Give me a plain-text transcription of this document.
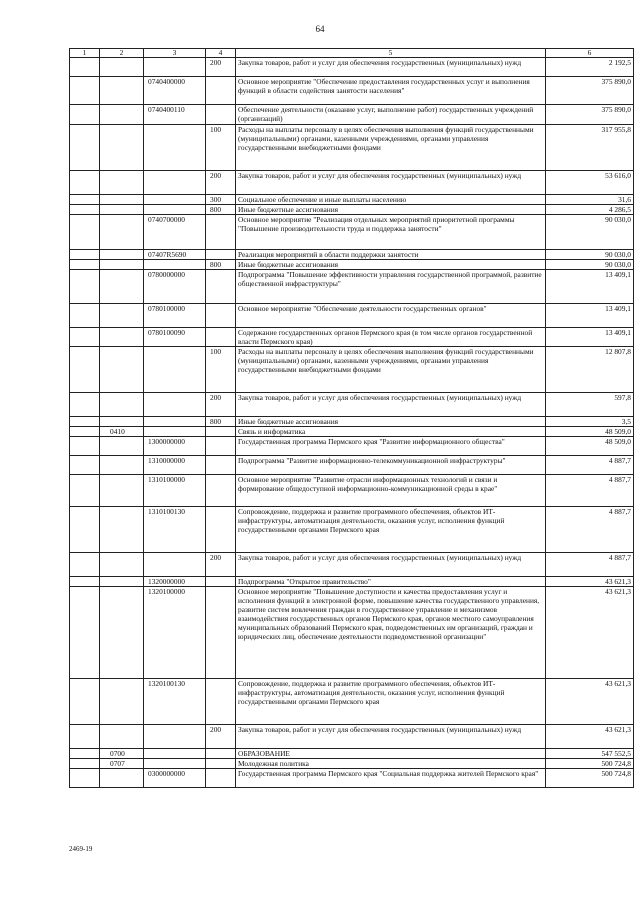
64
1	2	3	4	5	6
			200	Закупка товаров, работ и услуг для обеспечения государственных (муниципальных) нужд	2 192,5
		0740400000		Основное мероприятие "Обеспечение предоставления государственных услуг и выполнения функций в области содействия занятости населения"	375 890,0
		0740400110		Обеспечение деятельности (оказание услуг, выполнение работ) государственных учреждений (организаций)	375 890,0
			100	Расходы на выплаты персоналу в целях обеспечения выполнения функций государственными (муниципальными) органами, казенными учреждениями, органами управления государственными внебюджетными фондами	317 955,8
			200	Закупка товаров, работ и услуг для обеспечения государственных (муниципальных) нужд	53 616,0
			300	Социальное обеспечение и иные выплаты населению	31,6
			800	Иные бюджетные ассигнования	4 286,5
		0740700000		Основное мероприятие "Реализация отдельных мероприятий приоритетной программы "Повышение производительности труда и поддержка занятости"	90 030,0
		07407R5690		Реализация мероприятий в области поддержки занятости	90 030,0
			800	Иные бюджетные ассигнования	90 030,0
		0780000000		Подпрограмма "Повышение эффективности управления государственной программой, развитие общественной инфраструктуры"	13 409,1
		0780100000		Основное мероприятие "Обеспечение деятельности государственных органов"	13 409,1
		0780100090		Содержание государственных органов Пермского края (в том числе органов государственной власти Пермского края)	13 409,1
			100	Расходы на выплаты персоналу в целях обеспечения выполнения функций государственными (муниципальными) органами, казенными учреждениями, органами управления государственными внебюджетными фондами	12 807,8
			200	Закупка товаров, работ и услуг для обеспечения государственных (муниципальных) нужд	597,8
			800	Иные бюджетные ассигнования	3,5
	0410			Связь и информатика	48 509,0
		1300000000		Государственная программа Пермского края "Развитие информационного общества"	48 509,0
		1310000000		Подпрограмма "Развитие информационно-телекоммуникационной инфраструктуры"	4 887,7
		1310100000		Основное мероприятие "Развитие отрасли информационных технологий и связи и формирование общедоступной информационно-коммуникационной среды в крае"	4 887,7
		1310100130		Сопровождение, поддержка и развитие программного обеспечения, объектов ИТ-инфраструктуры, автоматизация деятельности, оказания услуг, исполнения функций государственными органами Пермского края	4 887,7
			200	Закупка товаров, работ и услуг для обеспечения государственных (муниципальных) нужд	4 887,7
		1320000000		Подпрограмма "Открытое правительство"	43 621,3
		1320100000		Основное мероприятие "Повышение доступности и качества предоставления услуг и исполнения функций в электронной форме, повышение качества государственного управления, развитие систем вовлечения граждан в государственное управление и механизмов взаимодействия государственных органов Пермского края, органов местного самоуправления муниципальных образований Пермского края, подведомственных им организаций, граждан и юридических лиц, обеспечение деятельности подведомственной организации"	43 621,3
		1320100130		Сопровождение, поддержка и развитие программного обеспечения, объектов ИТ-инфраструктуры, автоматизация деятельности, оказания услуг, исполнения функций государственными органами Пермского края	43 621,3
			200	Закупка товаров, работ и услуг для обеспечения государственных (муниципальных) нужд	43 621,3
	0700			ОБРАЗОВАНИЕ	547 552,5
	0707			Молодежная политика	500 724,8
		0300000000		Государственная программа Пермского края "Социальная поддержка жителей Пермского края"	500 724,8
2469-19
